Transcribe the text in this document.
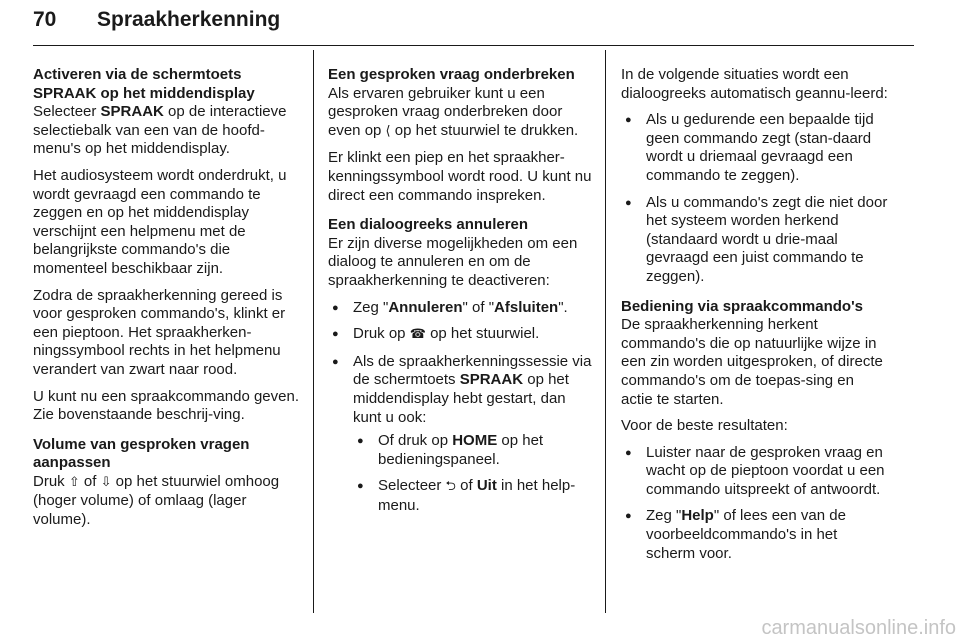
70 Spraakherkenning
Activeren via de schermtoets
SPRAAK op het middendisplay

Selecteer SPRAAK op de interactieve selectiebalk van een van de hoofd-menu's op het middendisplay.

Het audiosysteem wordt onderdrukt, u wordt gevraagd een commando te zeggen en op het middendisplay verschijnt een helpmenu met de belangrijkste commando's die momenteel beschikbaar zijn.

Zodra de spraakherkenning gereed is voor gesproken commando's, klinkt er een pieptoon. Het spraakherken-ningssymbool rechts in het helpmenu verandert van zwart naar rood.

U kunt nu een spraakcommando geven. Zie bovenstaande beschrij-ving.

Volume van gesproken vragen
aanpassen

Druk ⇧ of ⇩ op het stuurwiel omhoog (hoger volume) of omlaag (lager volume).

Een gesproken vraag onderbreken

Als ervaren gebruiker kunt u een gesproken vraag onderbreken door even op ⟨ op het stuurwiel te drukken.

Er klinkt een piep en het spraakher-kenningssymbool wordt rood. U kunt nu direct een commando inspreken.

Een dialoogreeks annuleren

Er zijn diverse mogelijkheden om een dialoog te annuleren en om de spraakherkenning te deactiveren:

● Zeg "Annuleren" of "Afsluiten".
● Druk op ☎ op het stuurwiel.
● Als de spraakherkenningssessie via de schermtoets SPRAAK op het middendisplay hebt gestart, dan kunt u ook:
● Of druk op HOME op het bedieningspaneel.
● Selecteer ⮌ of Uit in het help-menu.

In de volgende situaties wordt een dialoogreeks automatisch geannu-leerd:

● Als u gedurende een bepaalde tijd geen commando zegt (stan-daard wordt u driemaal gevraagd een commando te zeggen).
● Als u commando's zegt die niet door het systeem worden herkend (standaard wordt u drie-maal gevraagd een juist commando te zeggen).
Bediening via spraakcommando's

De spraakherkenning herkent commando's die op natuurlijke wijze in een zin worden uitgesproken, of directe commando's om de toepas-sing en actie te starten.

Voor de beste resultaten:

● Luister naar de gesproken vraag en wacht op de pieptoon voordat u een commando uitspreekt of antwoordt.
● Zeg "Help" of lees een van de voorbeeldcommando's in het scherm voor.
carmanualsonline.info
